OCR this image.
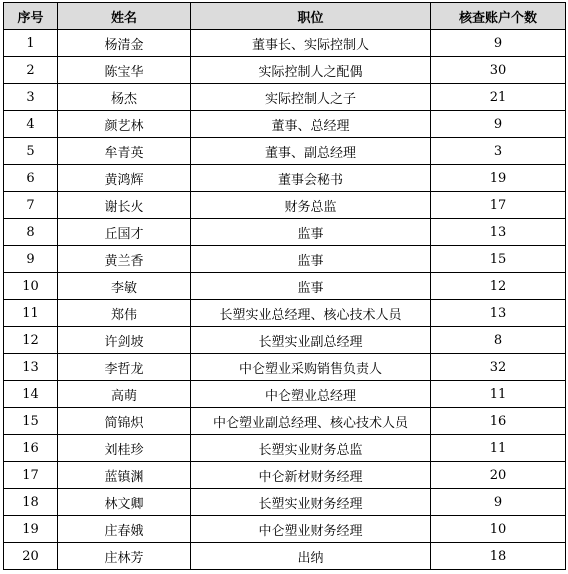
序号	姓名	职位	核查账户个数
1	杨清金	董事长、实际控制人	9
2	陈宝华	实际控制人之配偶	30
3	杨杰	实际控制人之子	21
4	颜艺林	董事、总经理	9
5	牟青英	董事、副总经理	3
6	黄鸿辉	董事会秘书	19
7	谢长火	财务总监	17
8	丘国才	监事	13
9	黄兰香	监事	15
10	李敏	监事	12
11	郑伟	长塑实业总经理、核心技术人员	13
12	许剑坡	长塑实业副总经理	8
13	李哲龙	中仑塑业采购销售负责人	32
14	高萌	中仑塑业总经理	11
15	简锦炽	中仑塑业副总经理、核心技术人员	16
16	刘桂珍	长塑实业财务总监	11
17	蓝镇渊	中仑新材财务经理	20
18	林文卿	长塑实业财务经理	9
19	庄春娥	中仑塑业财务经理	10
20	庄林芳	出纳	18
